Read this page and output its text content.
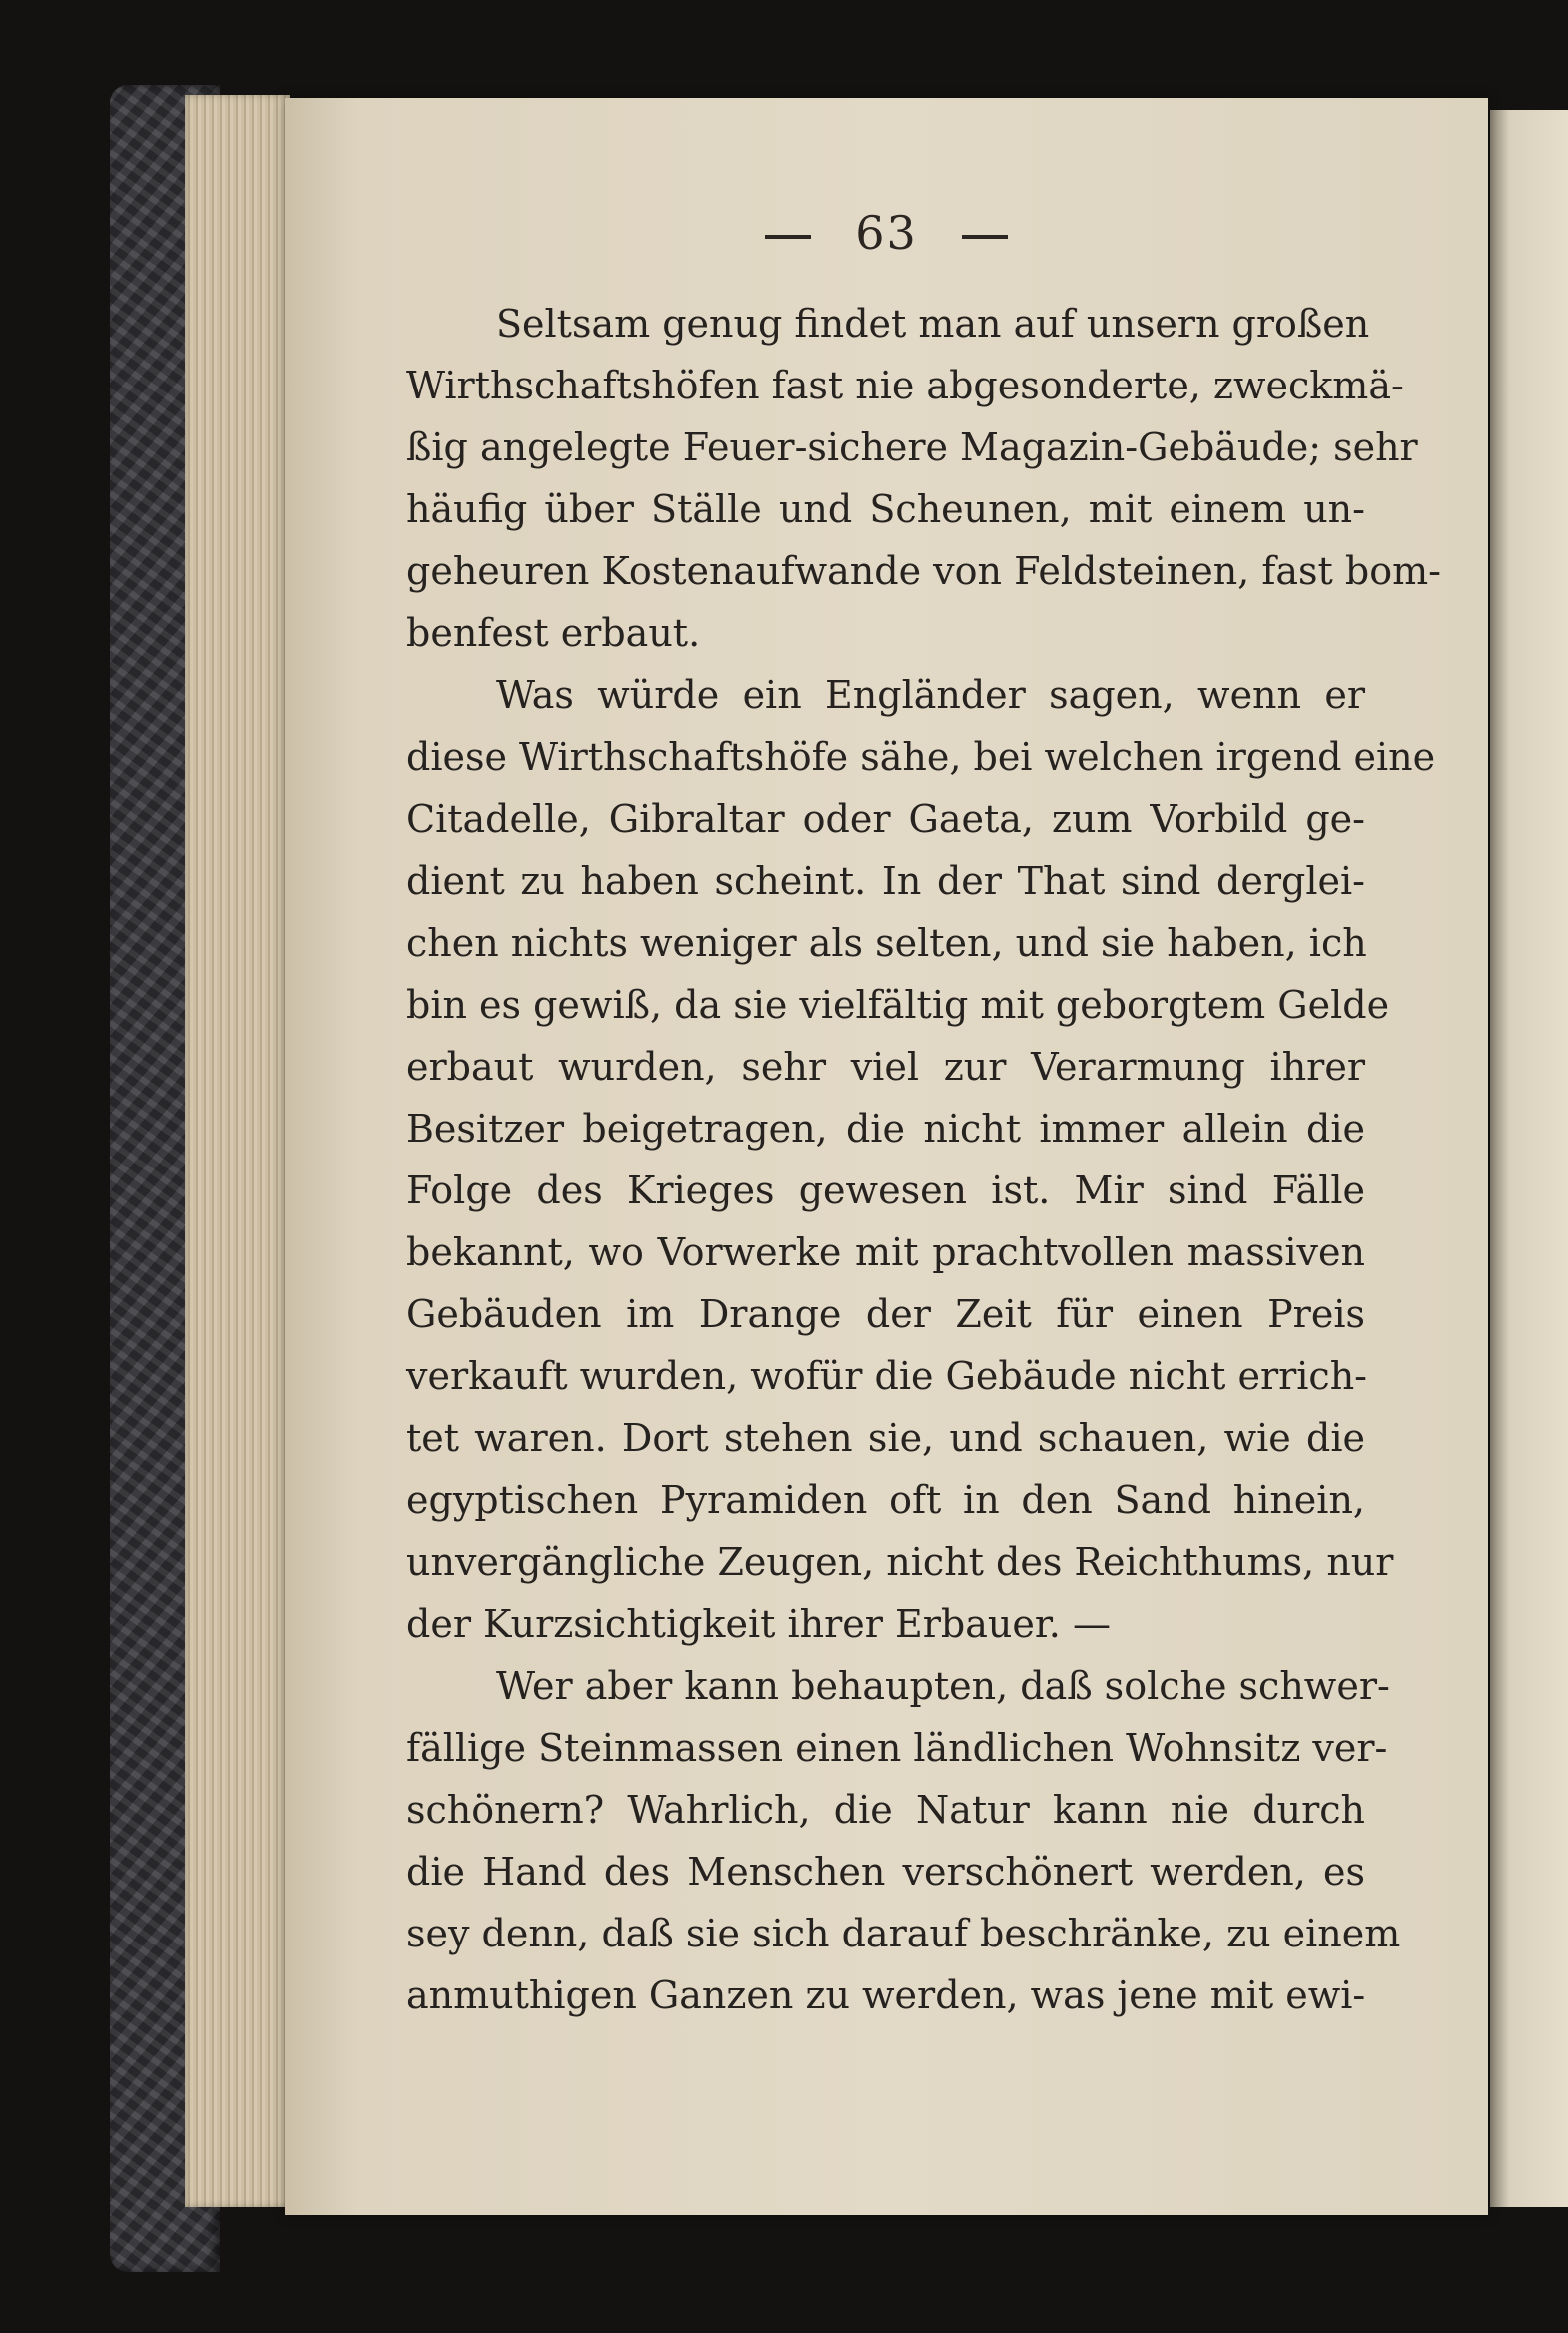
63
Seltsam genug findet man auf unsern großen
Wirthschaftshöfen fast nie abgesonderte, zweckmä-
ßig angelegte Feuer-sichere Magazin-Gebäude; sehr
häufig über Ställe und Scheunen, mit einem un-
geheuren Kostenaufwande von Feldsteinen, fast bom-
benfest erbaut.
Was würde ein Engländer sagen, wenn er
diese Wirthschaftshöfe sähe, bei welchen irgend eine
Citadelle, Gibraltar oder Gaeta, zum Vorbild ge-
dient zu haben scheint. In der That sind derglei-
chen nichts weniger als selten, und sie haben, ich
bin es gewiß, da sie vielfältig mit geborgtem Gelde
erbaut wurden, sehr viel zur Verarmung ihrer
Besitzer beigetragen, die nicht immer allein die
Folge des Krieges gewesen ist. Mir sind Fälle
bekannt, wo Vorwerke mit prachtvollen massiven
Gebäuden im Drange der Zeit für einen Preis
verkauft wurden, wofür die Gebäude nicht errich-
tet waren. Dort stehen sie, und schauen, wie die
egyptischen Pyramiden oft in den Sand hinein,
unvergängliche Zeugen, nicht des Reichthums, nur
der Kurzsichtigkeit ihrer Erbauer. —
Wer aber kann behaupten, daß solche schwer-
fällige Steinmassen einen ländlichen Wohnsitz ver-
schönern? Wahrlich, die Natur kann nie durch
die Hand des Menschen verschönert werden, es
sey denn, daß sie sich darauf beschränke, zu einem
anmuthigen Ganzen zu werden, was jene mit ewi-
